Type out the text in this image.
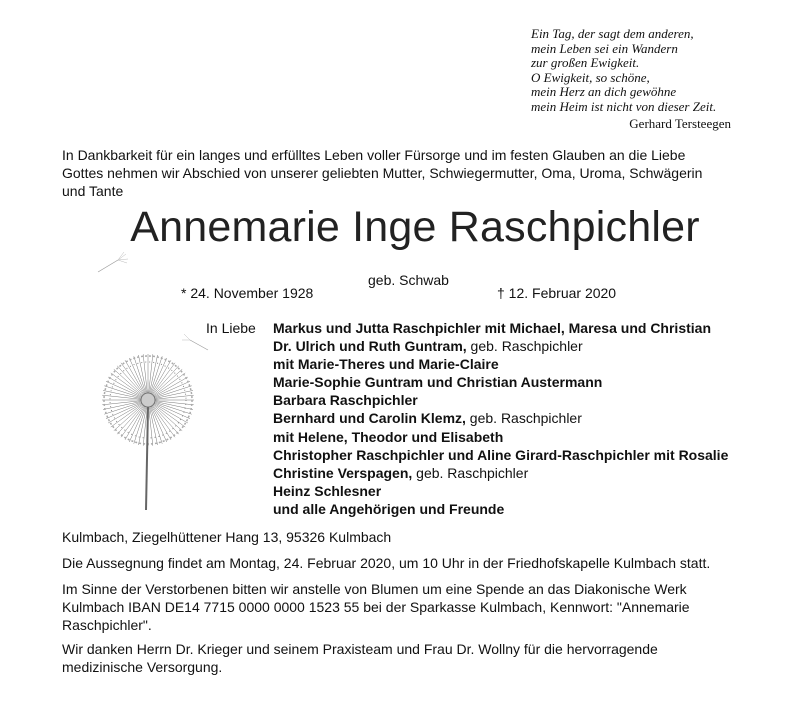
Ein Tag, der sagt dem anderen,
mein Leben sei ein Wandern
zur großen Ewigkeit.
O Ewigkeit, so schöne,
mein Herz an dich gewöhne
mein Heim ist nicht von dieser Zeit.
Gerhard Tersteegen
In Dankbarkeit für ein langes und erfülltes Leben voller Fürsorge und im festen Glauben an die Liebe
Gottes nehmen wir Abschied von unserer geliebten Mutter, Schwiegermutter, Oma, Uroma, Schwägerin
und Tante
Annemarie Inge Raschpichler
geb. Schwab
* 24. November 1928	† 12. Februar 2020
In Liebe Markus und Jutta Raschpichler mit Michael, Maresa und Christian
Dr. Ulrich und Ruth Guntram, geb. Raschpichler
mit Marie-Theres und Marie-Claire
Marie-Sophie Guntram und Christian Austermann
Barbara Raschpichler
Bernhard und Carolin Klemz, geb. Raschpichler
mit Helene, Theodor und Elisabeth
Christopher Raschpichler und Aline Girard-Raschpichler mit Rosalie
Christine Verspagen, geb. Raschpichler
Heinz Schlesner
und alle Angehörigen und Freunde
Kulmbach, Ziegelhüttener Hang 13, 95326 Kulmbach
Die Aussegnung findet am Montag, 24. Februar 2020, um 10 Uhr in der Friedhofskapelle Kulmbach statt.
Im Sinne der Verstorbenen bitten wir anstelle von Blumen um eine Spende an das Diakonische Werk
Kulmbach IBAN DE14 7715 0000 0000 1523 55 bei der Sparkasse Kulmbach, Kennwort: "Annemarie
Raschpichler".
Wir danken Herrn Dr. Krieger und seinem Praxisteam und Frau Dr. Wollny für die hervorragende
medizinische Versorgung.
